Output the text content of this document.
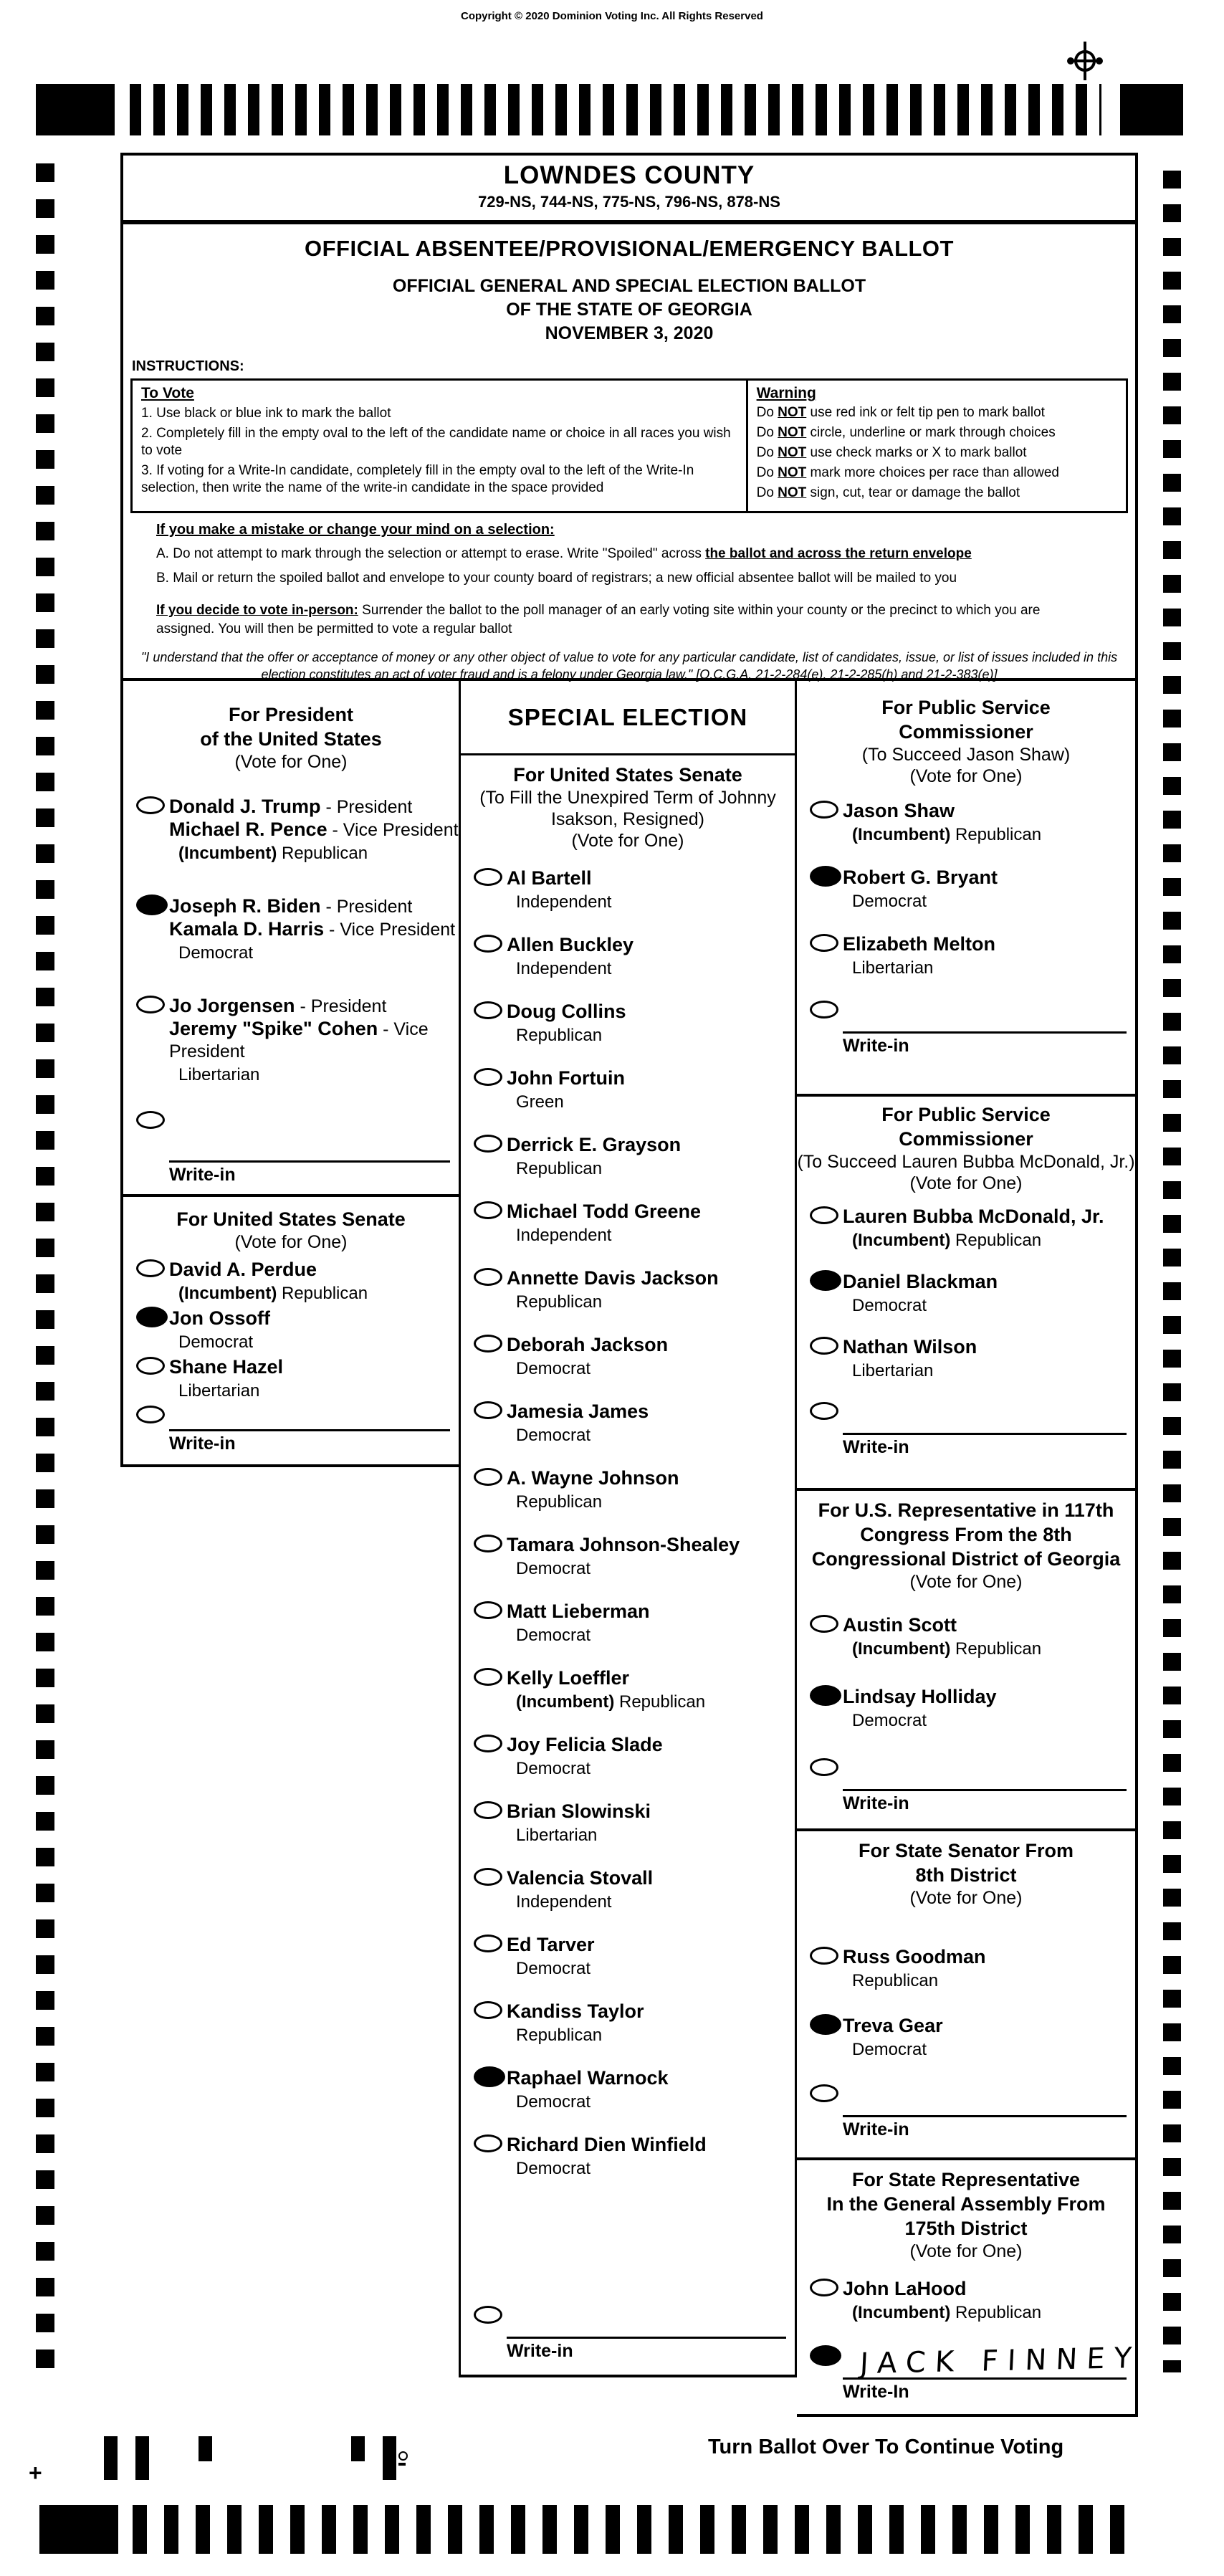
Copyright © 2020 Dominion Voting Inc. All Rights Reserved
LOWNDES COUNTY
729-NS, 744-NS, 775-NS, 796-NS, 878-NS
OFFICIAL ABSENTEE/PROVISIONAL/EMERGENCY BALLOT
OFFICIAL GENERAL AND SPECIAL ELECTION BALLOT
OF THE STATE OF GEORGIA
NOVEMBER 3, 2020
INSTRUCTIONS:
To Vote
1. Use black or blue ink to mark the ballot
2. Completely fill in the empty oval to the left of the candidate name or choice in all races you wish to vote
3. If voting for a Write-In candidate, completely fill in the empty oval to the left of the Write-In selection, then write the name of the write-in candidate in the space provided
Warning
Do NOT use red ink or felt tip pen to mark ballot
Do NOT circle, underline or mark through choices
Do NOT use check marks or X to mark ballot
Do NOT mark more choices per race than allowed
Do NOT sign, cut, tear or damage the ballot
If you make a mistake or change your mind on a selection:
A. Do not attempt to mark through the selection or attempt to erase. Write "Spoiled" across the ballot and across the return envelope
B. Mail or return the spoiled ballot and envelope to your county board of registrars; a new official absentee ballot will be mailed to you
If you decide to vote in-person: Surrender the ballot to the poll manager of an early voting site within your county or the precinct to which you are assigned. You will then be permitted to vote a regular ballot
"I understand that the offer or acceptance of money or any other object of value to vote for any particular candidate, list of candidates, issue, or list of issues included in this election constitutes an act of voter fraud and is a felony under Georgia law." [O.C.G.A. 21-2-284(e), 21-2-285(h) and 21-2-383(e)]
For President
of the United States
(Vote for One)
Donald J. Trump - President
Michael R. Pence - Vice President
(Incumbent) Republican
Joseph R. Biden - President
Kamala D. Harris - Vice President
Democrat
Jo Jorgensen - President
Jeremy "Spike" Cohen - Vice President
Libertarian
Write-in
For United States Senate
(Vote for One)
David A. Perdue
(Incumbent) Republican
Jon Ossoff
Democrat
Shane Hazel
Libertarian
Write-in
SPECIAL ELECTION
For United States Senate
(To Fill the Unexpired Term of Johnny
Isakson, Resigned)
(Vote for One)
Al Bartell
Independent
Allen Buckley
Independent
Doug Collins
Republican
John Fortuin
Green
Derrick E. Grayson
Republican
Michael Todd Greene
Independent
Annette Davis Jackson
Republican
Deborah Jackson
Democrat
Jamesia James
Democrat
A. Wayne Johnson
Republican
Tamara Johnson-Shealey
Democrat
Matt Lieberman
Democrat
Kelly Loeffler
(Incumbent) Republican
Joy Felicia Slade
Democrat
Brian Slowinski
Libertarian
Valencia Stovall
Independent
Ed Tarver
Democrat
Kandiss Taylor
Republican
Raphael Warnock
Democrat
Richard Dien Winfield
Democrat
Write-in
For Public Service
Commissioner
(To Succeed Jason Shaw)
(Vote for One)
Jason Shaw
(Incumbent) Republican
Robert G. Bryant
Democrat
Elizabeth Melton
Libertarian
Write-in
For Public Service
Commissioner
(To Succeed Lauren Bubba McDonald, Jr.)
(Vote for One)
Lauren Bubba McDonald, Jr.
(Incumbent) Republican
Daniel Blackman
Democrat
Nathan Wilson
Libertarian
Write-in
For U.S. Representative in 117th
Congress From the 8th
Congressional District of Georgia
(Vote for One)
Austin Scott
(Incumbent) Republican
Lindsay Holliday
Democrat
Write-in
For State Senator From
8th District
(Vote for One)
Russ Goodman
Republican
Treva Gear
Democrat
Write-in
For State Representative
In the General Assembly From
175th District
(Vote for One)
John LaHood
(Incumbent) Republican
JACK FINNEY
Write-In
+
Turn Ballot Over To Continue Voting
